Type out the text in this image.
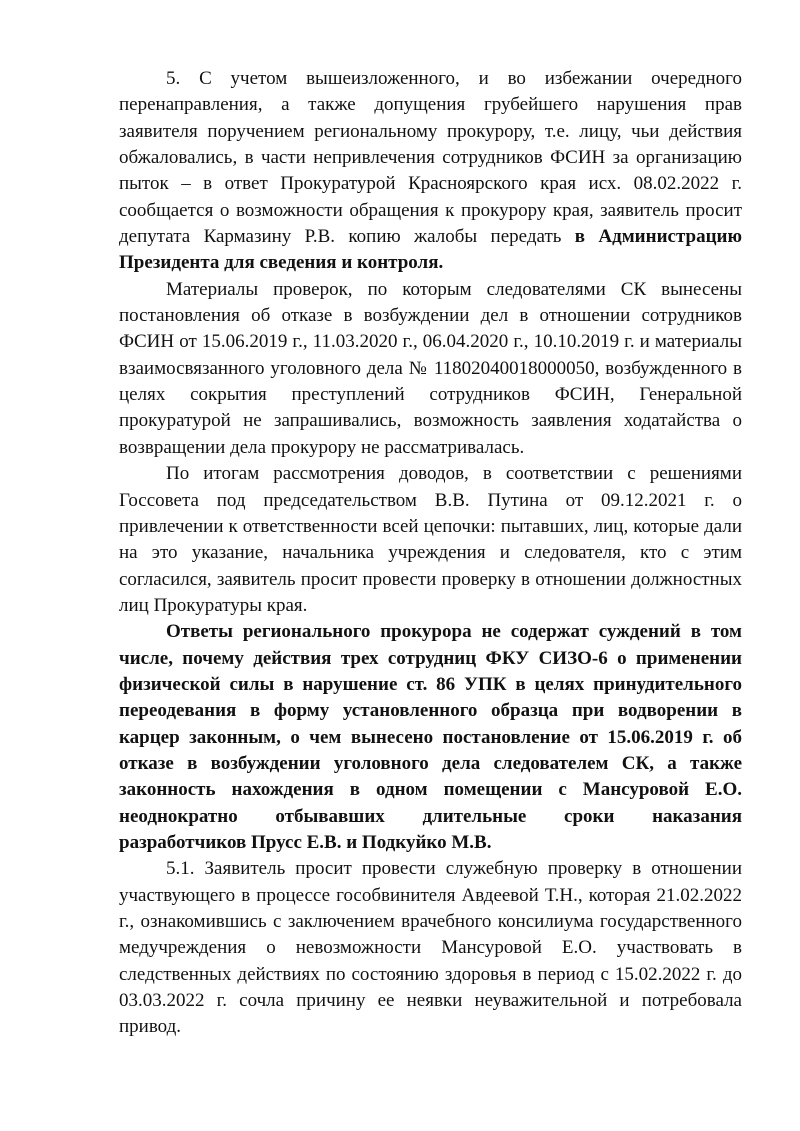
5. С учетом вышеизложенного, и во избежании очередного перенаправления, а также допущения грубейшего нарушения прав заявителя поручением региональному прокурору, т.е. лицу, чьи действия обжаловались, в части непривлечения сотрудников ФСИН за организацию пыток – в ответ Прокуратурой Красноярского края исх. 08.02.2022 г. сообщается о возможности обращения к прокурору края, заявитель просит депутата Кармазину Р.В. копию жалобы передать в Администрацию Президента для сведения и контроля.

Материалы проверок, по которым следователями СК вынесены постановления об отказе в возбуждении дел в отношении сотрудников ФСИН от 15.06.2019 г., 11.03.2020 г., 06.04.2020 г., 10.10.2019 г. и материалы взаимосвязанного уголовного дела № 11802040018000050, возбужденного в целях сокрытия преступлений сотрудников ФСИН, Генеральной прокуратурой не запрашивались, возможность заявления ходатайства о возвращении дела прокурору не рассматривалась.

По итогам рассмотрения доводов, в соответствии с решениями Госсовета под председательством В.В. Путина от 09.12.2021 г. о привлечении к ответственности всей цепочки: пытавших, лиц, которые дали на это указание, начальника учреждения и следователя, кто с этим согласился, заявитель просит провести проверку в отношении должностных лиц Прокуратуры края.

Ответы регионального прокурора не содержат суждений в том числе, почему действия трех сотрудниц ФКУ СИЗО-6 о применении физической силы в нарушение ст. 86 УПК в целях принудительного переодевания в форму установленного образца при водворении в карцер законным, о чем вынесено постановление от 15.06.2019 г. об отказе в возбуждении уголовного дела следователем СК, а также законность нахождения в одном помещении с Мансуровой Е.О. неоднократно отбывавших длительные сроки наказания разработчиков Прусс Е.В. и Подкуйко М.В.

5.1. Заявитель просит провести служебную проверку в отношении участвующего в процессе гособвинителя Авдеевой Т.Н., которая 21.02.2022 г., ознакомившись с заключением врачебного консилиума государственного медучреждения о невозможности Мансуровой Е.О. участвовать в следственных действиях по состоянию здоровья в период с 15.02.2022 г. до 03.03.2022 г. сочла причину ее неявки неуважительной и потребовала привод.
